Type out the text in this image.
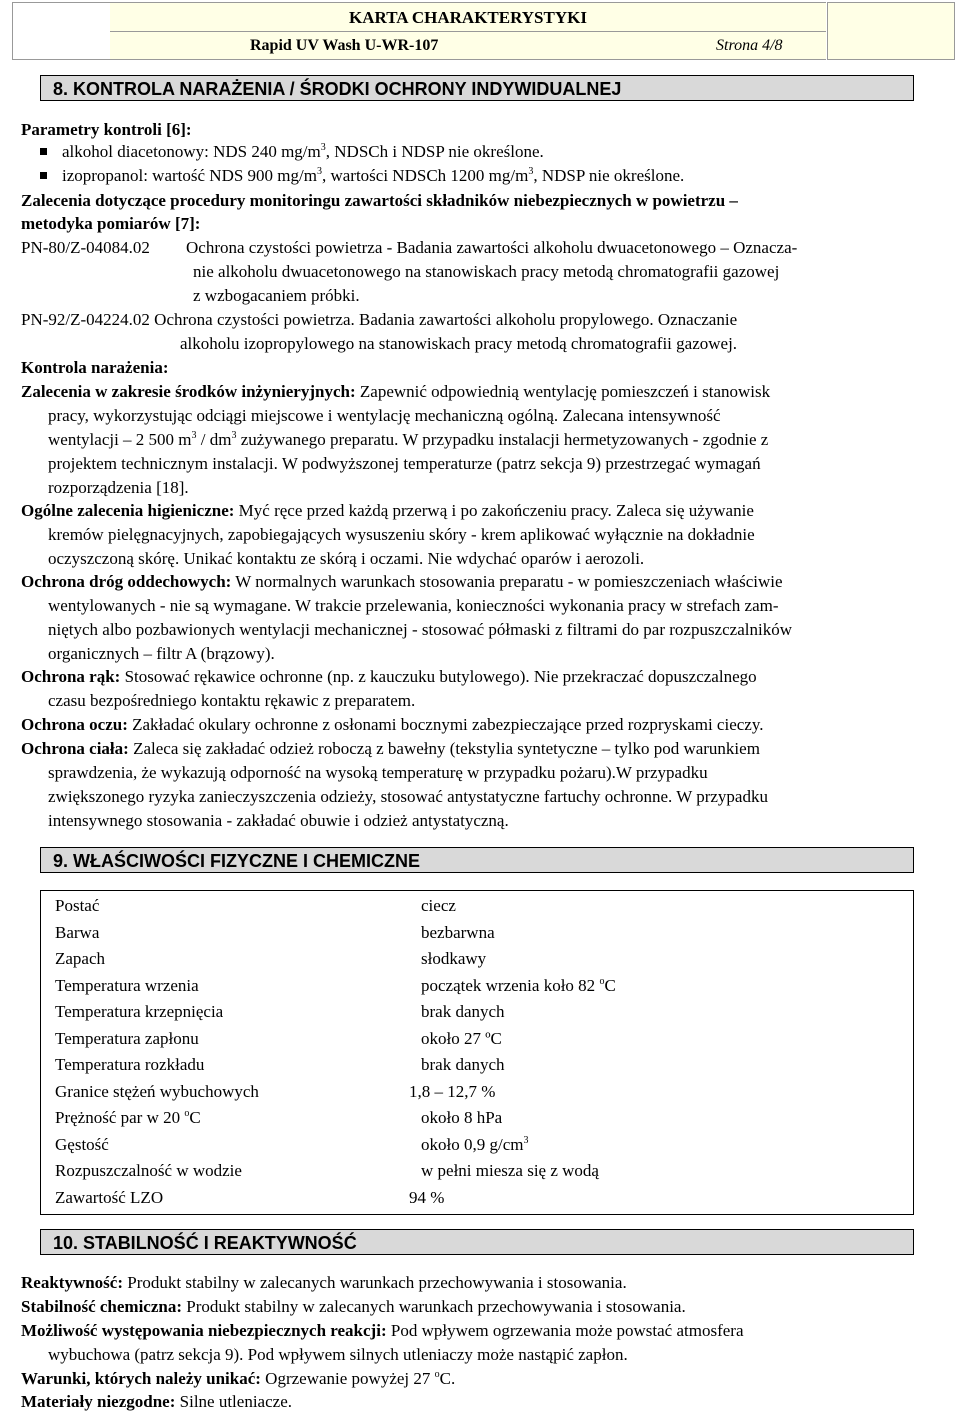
KARTA CHARAKTERYSTYKI
Rapid UV Wash U-WR-107	Strona 4/8
8. KONTROLA NARAŻENIA / ŚRODKI OCHRONY INDYWIDUALNEJ
Parametry kontroli [6]:
alkohol diacetonowy: NDS 240 $mg/m^3$, NDSCh i NDSP nie określone.
izopropanol: wartość NDS 900 $mg/m^3$, wartości NDSCh 1200 $mg/m^3$, NDSP nie określone.
Zalecenia dotyczące procedury monitoringu zawartości składników niebezpiecznych w powietrzu –
metodyka pomiarów [7]:
PN-80/Z-04084.02 Ochrona czystości powietrza - Badania zawartości alkoholu dwuacetonowego – Oznacza-
nie alkoholu dwuacetonowego na stanowiskach pracy metodą chromatografii gazowej
z wzbogacaniem próbki.
PN-92/Z-04224.02 Ochrona czystości powietrza. Badania zawartości alkoholu propylowego. Oznaczanie
alkoholu izopropylowego na stanowiskach pracy metodą chromatografii gazowej.
Kontrola narażenia:
Zalecenia w zakresie środków inżynieryjnych: Zapewnić odpowiednią wentylację pomieszczeń i stanowisk
pracy, wykorzystując odciągi miejscowe i wentylację mechaniczną ogólną. Zalecana intensywność
wentylacji – 2 500 $m^3 / dm^3$ zużywanego preparatu. W przypadku instalacji hermetyzowanych - zgodnie z
projektem technicznym instalacji. W podwyższonej temperaturze (patrz sekcja 9) przestrzegać wymagań
rozporządzenia [18].
Ogólne zalecenia higieniczne: Myć ręce przed każdą przerwą i po zakończeniu pracy. Zaleca się używanie
kremów pielęgnacyjnych, zapobiegających wysuszeniu skóry - krem aplikować wyłącznie na dokładnie
oczyszczoną skórę. Unikać kontaktu ze skórą i oczami. Nie wdychać oparów i aerozoli.
Ochrona dróg oddechowych: W normalnych warunkach stosowania preparatu - w pomieszczeniach właściwie
wentylowanych - nie są wymagane. W trakcie przelewania, konieczności wykonania pracy w strefach zam-
niętych albo pozbawionych wentylacji mechanicznej - stosować półmaski z filtrami do par rozpuszczalników
organicznych – filtr A (brązowy).
Ochrona rąk: Stosować rękawice ochronne (np. z kauczuku butylowego). Nie przekraczać dopuszczalnego
czasu bezpośredniego kontaktu rękawic z preparatem.
Ochrona oczu: Zakładać okulary ochronne z osłonami bocznymi zabezpieczające przed rozpryskami cieczy.
Ochrona ciała: Zaleca się zakładać odzież roboczą z bawełny (tekstylia syntetyczne – tylko pod warunkiem
sprawdzenia, że wykazują odporność na wysoką temperaturę w przypadku pożaru).W przypadku
zwiększonego ryzyka zanieczyszczenia odzieży, stosować antystatyczne fartuchy ochronne. W przypadku
intensywnego stosowania - zakładać obuwie i odzież antystatyczną.
9. WŁAŚCIWOŚCI FIZYCZNE I CHEMICZNE
Postać	ciecz
Barwa	bezbarwna
Zapach	słodkawy
Temperatura wrzenia	początek wrzenia koło 82 $^o$C
Temperatura krzepnięcia	brak danych
Temperatura zapłonu	około 27 ºC
Temperatura rozkładu	brak danych
Granice stężeń wybuchowych	1,8 – 12,7 %
Prężność par w 20 $^o$C	około 8 hPa
Gęstość	około 0,9 $g/cm^3$
Rozpuszczalność w wodzie	w pełni miesza się z wodą
Zawartość LZO	94 %
10. STABILNOŚĆ I REAKTYWNOŚĆ
Reaktywność: Produkt stabilny w zalecanych warunkach przechowywania i stosowania.
Stabilność chemiczna: Produkt stabilny w zalecanych warunkach przechowywania i stosowania.
Możliwość występowania niebezpiecznych reakcji: Pod wpływem ogrzewania może powstać atmosfera
wybuchowa (patrz sekcja 9). Pod wpływem silnych utleniaczy może nastąpić zapłon.
Warunki, których należy unikać: Ogrzewanie powyżej 27 $^o$C.
Materiały niezgodne: Silne utleniacze.
